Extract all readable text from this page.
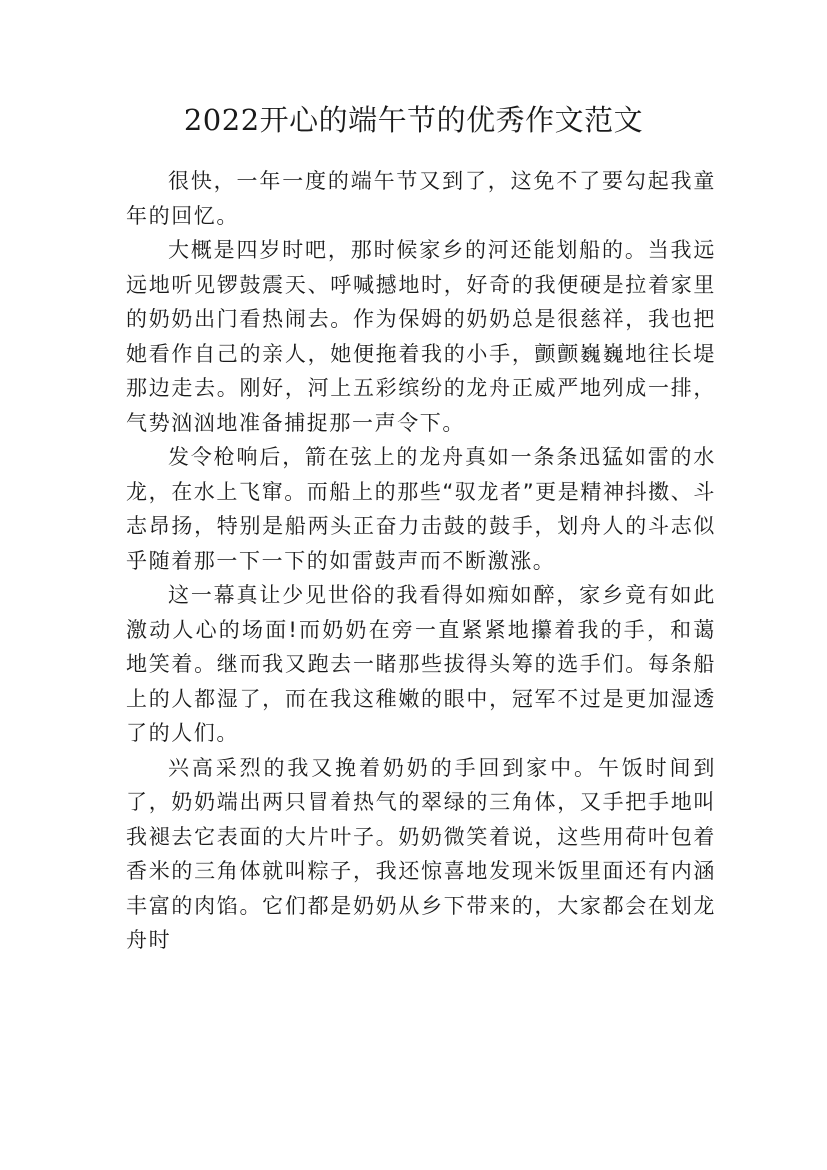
2022开心的端午节的优秀作文范文

很快，一年一度的端午节又到了，这免不了要勾起我童年的回忆。

大概是四岁时吧，那时候家乡的河还能划船的。当我远远地听见锣鼓震天、呼喊撼地时，好奇的我便硬是拉着家里的奶奶出门看热闹去。作为保姆的奶奶总是很慈祥，我也把她看作自己的亲人，她便拖着我的小手，颤颤巍巍地往长堤那边走去。刚好，河上五彩缤纷的龙舟正威严地列成一排，气势汹汹地准备捕捉那一声令下。

发令枪响后，箭在弦上的龙舟真如一条条迅猛如雷的水龙，在水上飞窜。而船上的那些“驭龙者”更是精神抖擞、斗志昂扬，特别是船两头正奋力击鼓的鼓手，划舟人的斗志似乎随着那一下一下的如雷鼓声而不断激涨。

这一幕真让少见世俗的我看得如痴如醉，家乡竟有如此激动人心的场面!而奶奶在旁一直紧紧地攥着我的手，和蔼地笑着。继而我又跑去一睹那些拔得头筹的选手们。每条船上的人都湿了，而在我这稚嫩的眼中，冠军不过是更加湿透了的人们。

兴高采烈的我又挽着奶奶的手回到家中。午饭时间到了，奶奶端出两只冒着热气的翠绿的三角体，又手把手地叫我褪去它表面的大片叶子。奶奶微笑着说，这些用荷叶包着香米的三角体就叫粽子，我还惊喜地发现米饭里面还有内涵丰富的肉馅。它们都是奶奶从乡下带来的，大家都会在划龙舟时
